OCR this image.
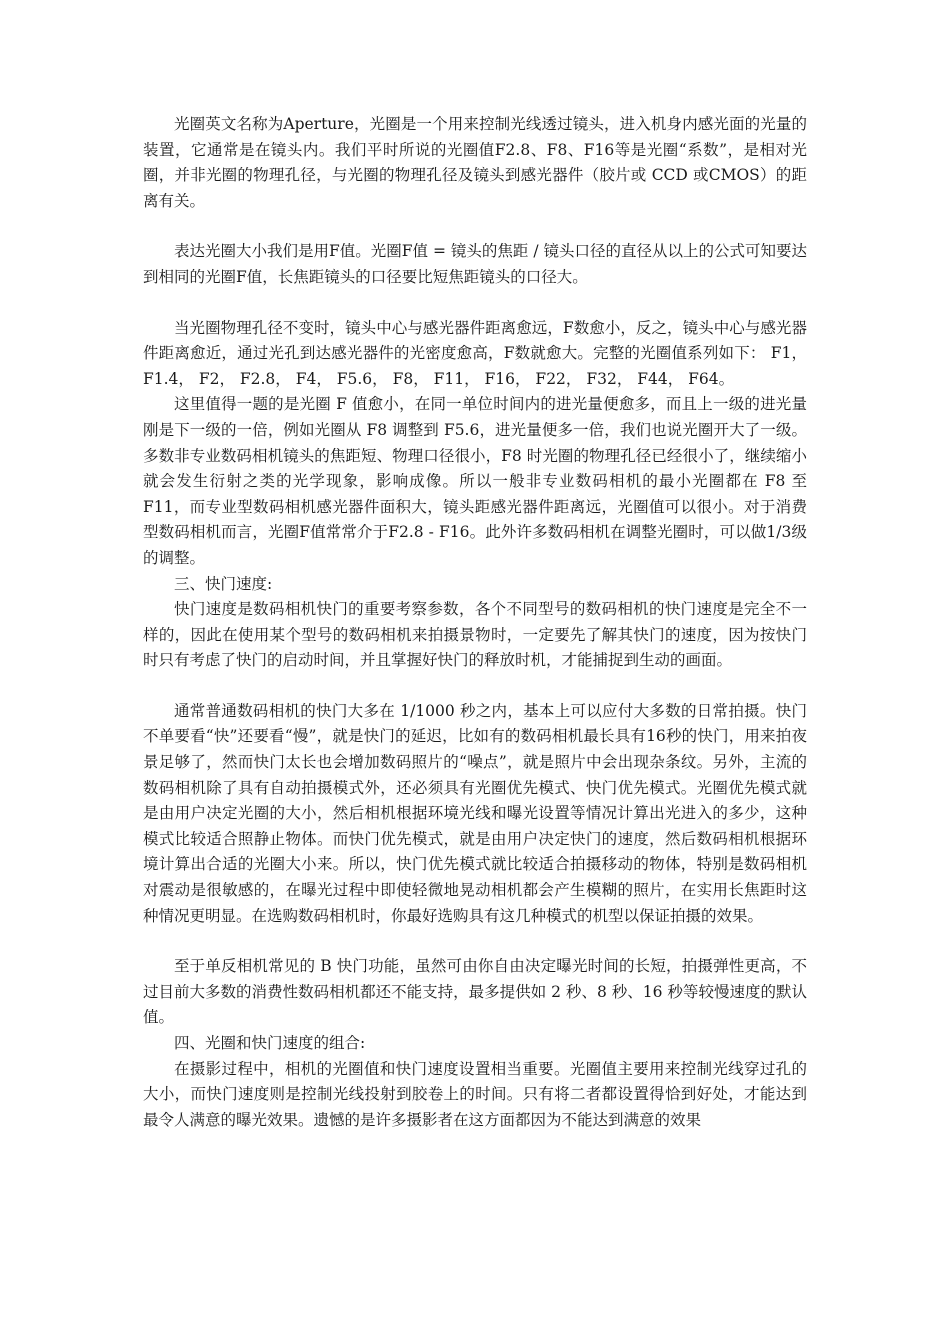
光圈英文名称为Aperture，光圈是一个用来控制光线透过镜头，进入机身内感光面的光量的装置，它通常是在镜头内。我们平时所说的光圈值F2.8、F8、F16等是光圈“系数”，是相对光圈，并非光圈的物理孔径，与光圈的物理孔径及镜头到感光器件（胶片或 CCD 或CMOS）的距离有关。

表达光圈大小我们是用F值。光圈F值 = 镜头的焦距 / 镜头口径的直径从以上的公式可知要达到相同的光圈F值，长焦距镜头的口径要比短焦距镜头的口径大。

当光圈物理孔径不变时，镜头中心与感光器件距离愈远，F数愈小，反之，镜头中心与感光器件距离愈近，通过光孔到达感光器件的光密度愈高，F数就愈大。完整的光圈值系列如下： F1， F1.4， F2， F2.8， F4， F5.6， F8， F11， F16， F22， F32， F44， F64。

这里值得一题的是光圈 F 值愈小，在同一单位时间内的进光量便愈多，而且上一级的进光量刚是下一级的一倍，例如光圈从 F8 调整到 F5.6，进光量便多一倍，我们也说光圈开大了一级。多数非专业数码相机镜头的焦距短、物理口径很小，F8 时光圈的物理孔径已经很小了，继续缩小就会发生衍射之类的光学现象，影响成像。所以一般非专业数码相机的最小光圈都在 F8 至 F11，而专业型数码相机感光器件面积大，镜头距感光器件距离远，光圈值可以很小。对于消费型数码相机而言，光圈F值常常介于F2.8 - F16。此外许多数码相机在调整光圈时，可以做1/3级的调整。

三、快门速度:

快门速度是数码相机快门的重要考察参数，各个不同型号的数码相机的快门速度是完全不一样的，因此在使用某个型号的数码相机来拍摄景物时，一定要先了解其快门的速度，因为按快门时只有考虑了快门的启动时间，并且掌握好快门的释放时机，才能捕捉到生动的画面。

通常普通数码相机的快门大多在 1/1000 秒之内，基本上可以应付大多数的日常拍摄。快门不单要看“快”还要看“慢”，就是快门的延迟，比如有的数码相机最长具有16秒的快门，用来拍夜景足够了，然而快门太长也会增加数码照片的“噪点”，就是照片中会出现杂条纹。另外，主流的数码相机除了具有自动拍摄模式外，还必须具有光圈优先模式、快门优先模式。光圈优先模式就是由用户决定光圈的大小，然后相机根据环境光线和曝光设置等情况计算出光进入的多少，这种模式比较适合照静止物体。而快门优先模式，就是由用户决定快门的速度，然后数码相机根据环境计算出合适的光圈大小来。所以，快门优先模式就比较适合拍摄移动的物体，特别是数码相机对震动是很敏感的，在曝光过程中即使轻微地晃动相机都会产生模糊的照片，在实用长焦距时这种情况更明显。在选购数码相机时，你最好选购具有这几种模式的机型以保证拍摄的效果。

至于单反相机常见的 B 快门功能，虽然可由你自由决定曝光时间的长短，拍摄弹性更高，不过目前大多数的消费性数码相机都还不能支持，最多提供如 2 秒、8 秒、16 秒等较慢速度的默认值。

四、光圈和快门速度的组合:

在摄影过程中，相机的光圈值和快门速度设置相当重要。光圈值主要用来控制光线穿过孔的大小，而快门速度则是控制光线投射到胶卷上的时间。只有将二者都设置得恰到好处，才能达到最令人满意的曝光效果。遗憾的是许多摄影者在这方面都因为不能达到满意的效果
